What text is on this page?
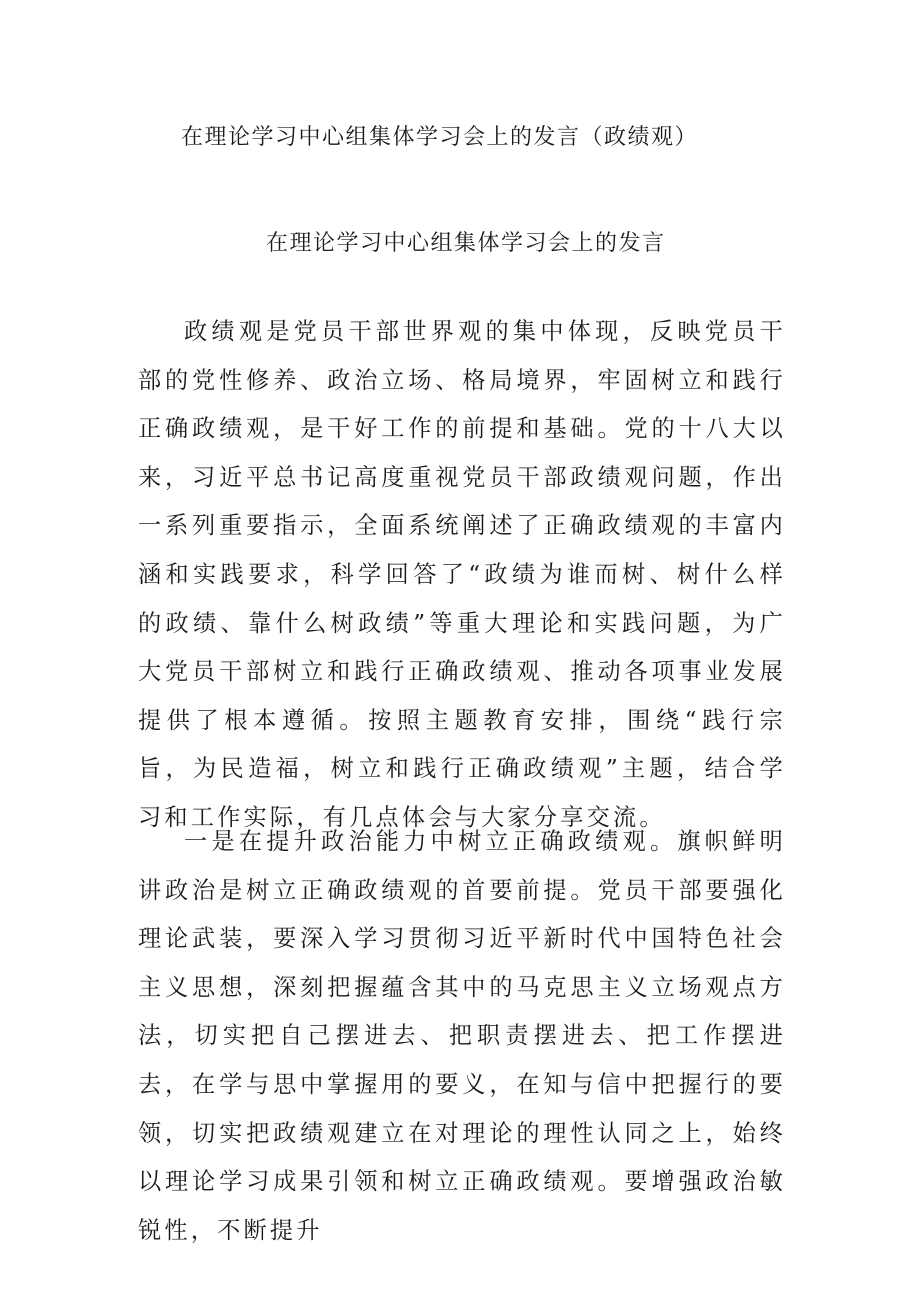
在理论学习中心组集体学习会上的发言（政绩观）
在理论学习中心组集体学习会上的发言

政绩观是党员干部世界观的集中体现，反映党员干部的党性修养、政治立场、格局境界，牢固树立和践行正确政绩观，是干好工作的前提和基础。党的十八大以来，习近平总书记高度重视党员干部政绩观问题，作出一系列重要指示，全面系统阐述了正确政绩观的丰富内涵和实践要求，科学回答了“政绩为谁而树、树什么样的政绩、靠什么树政绩”等重大理论和实践问题，为广大党员干部树立和践行正确政绩观、推动各项事业发展提供了根本遵循。按照主题教育安排，围绕“践行宗旨，为民造福，树立和践行正确政绩观”主题，结合学习和工作实际，有几点体会与大家分享交流。

一是在提升政治能力中树立正确政绩观。旗帜鲜明讲政治是树立正确政绩观的首要前提。党员干部要强化理论武装，要深入学习贯彻习近平新时代中国特色社会主义思想，深刻把握蕴含其中的马克思主义立场观点方法，切实把自己摆进去、把职责摆进去、把工作摆进去，在学与思中掌握用的要义，在知与信中把握行的要领，切实把政绩观建立在对理论的理性认同之上，始终以理论学习成果引领和树立正确政绩观。要增强政治敏锐性，不断提升
